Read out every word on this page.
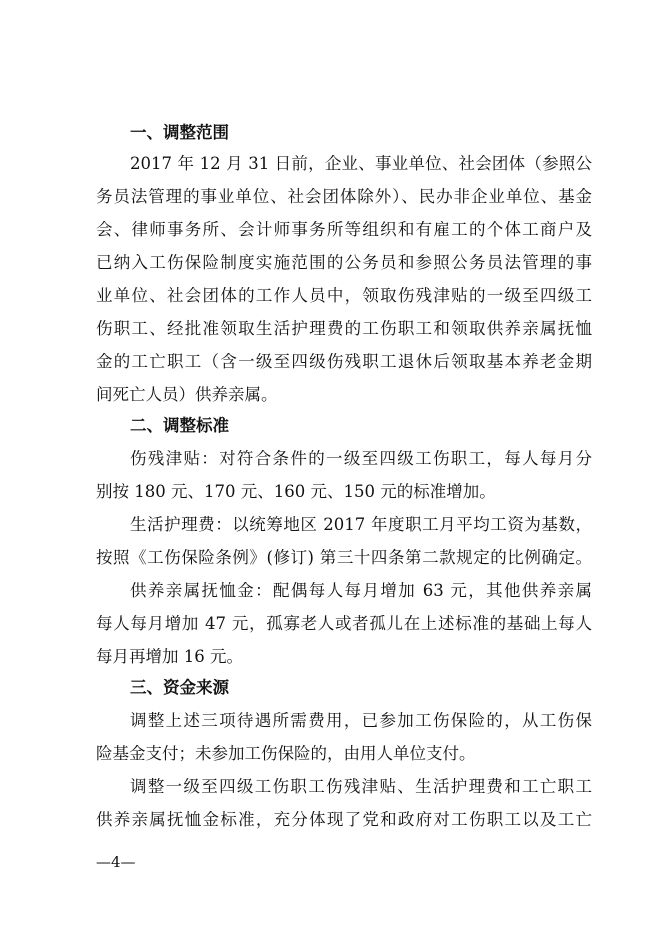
一、调整范围
2017 年 12 月 31 日前，企业、事业单位、社会团体（参照公
务员法管理的事业单位、社会团体除外）、民办非企业单位、基金
会、律师事务所、会计师事务所等组织和有雇工的个体工商户及
已纳入工伤保险制度实施范围的公务员和参照公务员法管理的事
业单位、社会团体的工作人员中，领取伤残津贴的一级至四级工
伤职工、经批准领取生活护理费的工伤职工和领取供养亲属抚恤
金的工亡职工（含一级至四级伤残职工退休后领取基本养老金期
间死亡人员）供养亲属。
二、调整标准
伤残津贴：对符合条件的一级至四级工伤职工，每人每月分
别按 180 元、170 元、160 元、150 元的标准增加。
生活护理费：以统筹地区 2017 年度职工月平均工资为基数，
按照《工伤保险条例》(修订) 第三十四条第二款规定的比例确定。
供养亲属抚恤金：配偶每人每月增加 63 元，其他供养亲属
每人每月增加 47 元，孤寡老人或者孤儿在上述标准的基础上每人
每月再增加 16 元。
三、资金来源
调整上述三项待遇所需费用，已参加工伤保险的，从工伤保
险基金支付；未参加工伤保险的，由用人单位支付。
调整一级至四级工伤职工伤残津贴、生活护理费和工亡职工
供养亲属抚恤金标准，充分体现了党和政府对工伤职工以及工亡
—4—
